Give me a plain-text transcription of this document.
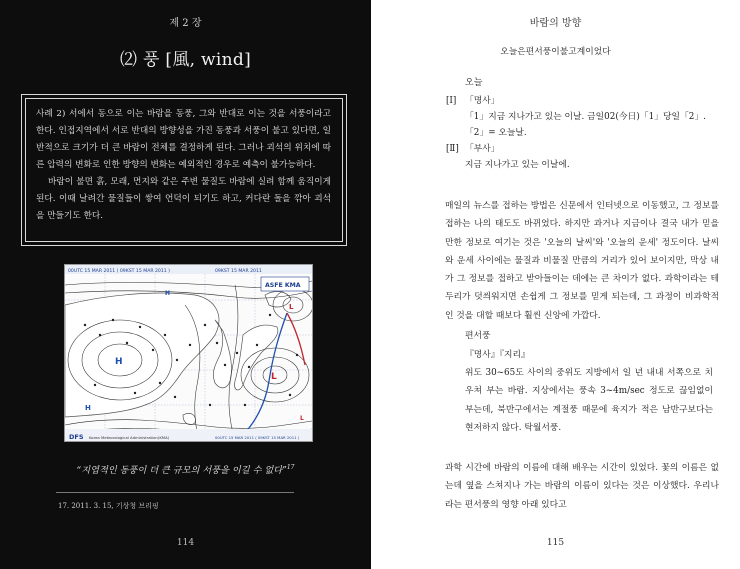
제 2 장
⑵ 풍 [風, wind]

사례 2) 서에서 동으로 이는 바람을 동풍, 그와 반대로 이는 것을 서풍이라고 한다. 인접지역에서 서로 반대의 방향성을 가진 동풍과 서풍이 불고 있다면, 일반적으로 크기가 더 큰 바람이 전체를 결정하게 된다. 그러나 괴석의 위치에 따른 압력의 변화로 인한 방향의 변화는 예외적인 경우로 예측이 불가능하다.

바람이 불면 흙, 모래, 먼지와 같은 주변 물질도 바람에 실려 함께 움직이게 된다. 이때 날려간 물질들이 쌓여 언덕이 되기도 하고, 커다란 돌을 깎아 괴석을 만들기도 한다.

00UTC 15 MAR 2011 ( 09KST 15 MAR 2011 )	09KST 15 MAR 2011
H
L
H
L
L
H
ASFE KMA
DFS Korea Meteorological Administration(KMA)	00UTC 15 MAR 2011 ( 09KST 15 MAR 2011 )
“지엽적인 동풍이 더 큰 규모의 서풍을 이길 수 없다”$^{17}$
17. 2011. 3. 15, 기상청 브리핑
114
바람의 방향
오늘은편서풍이불고계이었다
오늘
[Ⅰ] 「명사」
「1」지금 지나가고 있는 이날. 금일02(今日)「1」당일「2」.
「2」= 오늘날.
[Ⅱ] 「부사」
지금 지나가고 있는 이날에.
매일의 뉴스를 접하는 방법은 신문에서 인터넷으로 이동했고, 그 정보를 접하는 나의 태도도 바뀌었다. 하지만 과거나 지금이나 결국 내가 믿을 만한 정보로 여기는 것은 '오늘의 날씨'와 '오늘의 운세' 정도이다. 날씨와 운세 사이에는 물질과 비물질 만큼의 거리가 있어 보이지만, 막상 내가 그 정보를 접하고 받아들이는 데에는 큰 차이가 없다. 과학이라는 테두리가 덧씌워지면 손쉽게 그 정보를 믿게 되는데, 그 과정이 비과학적인 것을 대할 때보다 훨씬 신앙에 가깝다.
편서풍
『명사』『지리』
위도 30~65도 사이의 중위도 지방에서 일 년 내내 서쪽으로 치우쳐 부는 바람. 지상에서는 풍속 3~4m/sec 정도로 끊임없이 부는데, 북반구에서는 계절풍 때문에 육지가 적은 남반구보다는 현저하지 않다. 탁월서풍.
과학 시간에 바람의 이름에 대해 배우는 시간이 있었다. 꽃의 이름은 없는데 옆을 스쳐지나 가는 바람의 이름이 있다는 것은 이상했다. 우리나라는 편서풍의 영향 아래 있다고
115
